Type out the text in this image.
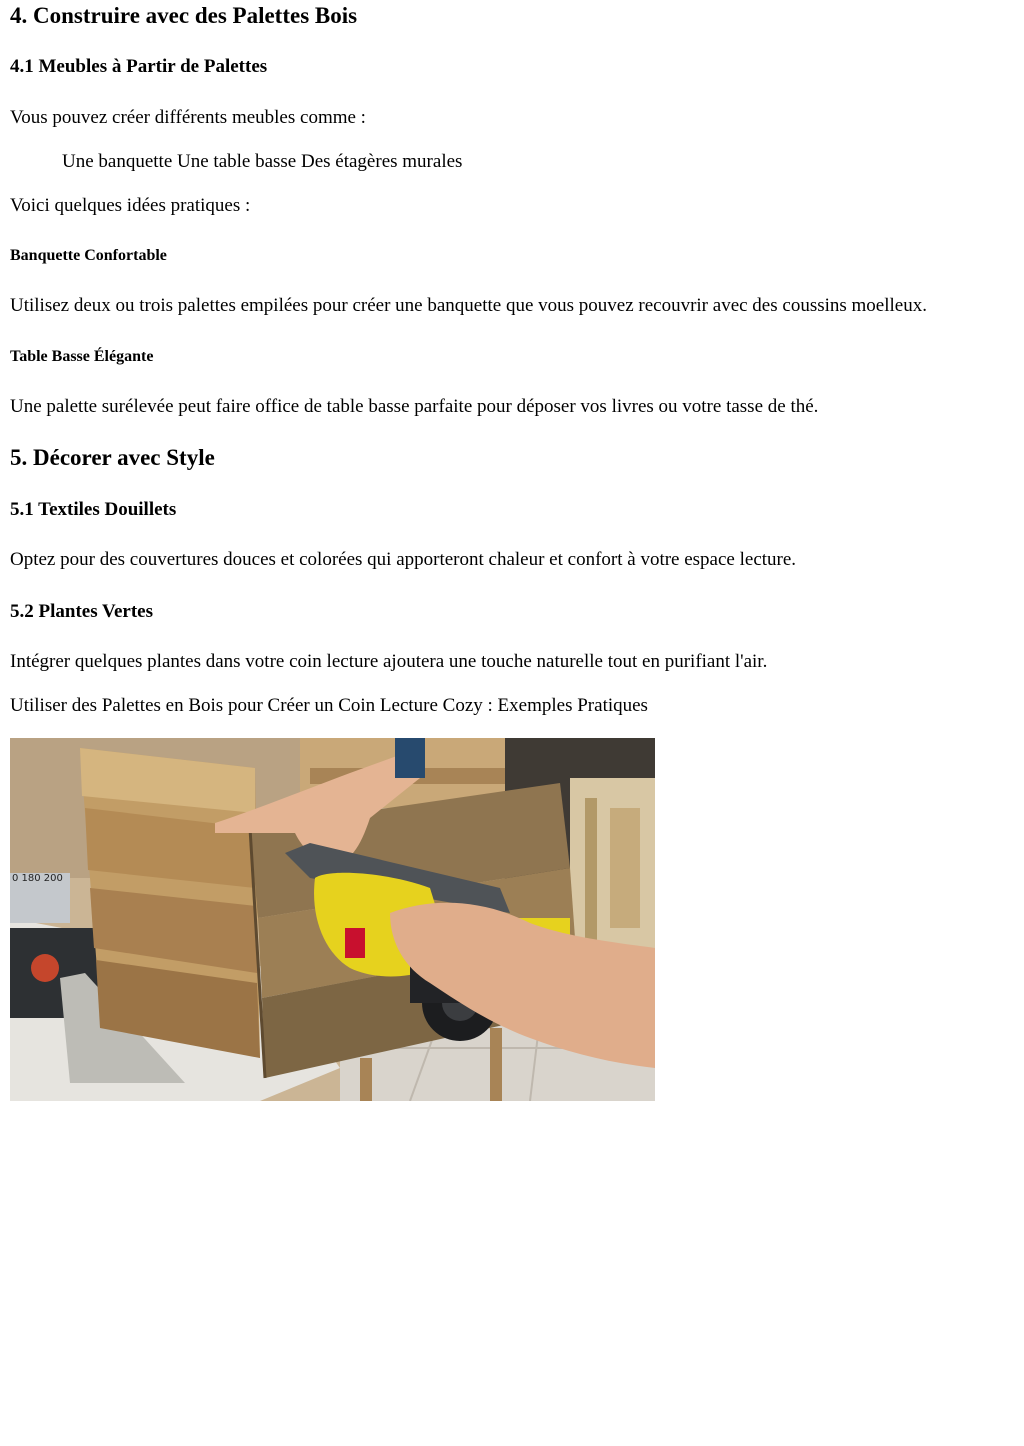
4. Construire avec des Palettes Bois
4.1 Meubles à Partir de Palettes

Vous pouvez créer différents meubles comme :

Une banquette Une table basse Des étagères murales

Voici quelques idées pratiques :

Banquette Confortable

Utilisez deux ou trois palettes empilées pour créer une banquette que vous pouvez recouvrir avec des coussins moelleux.

Table Basse Élégante

Une palette surélevée peut faire office de table basse parfaite pour déposer vos livres ou votre tasse de thé.

5. Décorer avec Style
5.1 Textiles Douillets

Optez pour des couvertures douces et colorées qui apporteront chaleur et confort à votre espace lecture.

5.2 Plantes Vertes

Intégrer quelques plantes dans votre coin lecture ajoutera une touche naturelle tout en purifiant l'air.

Utiliser des Palettes en Bois pour Créer un Coin Lecture Cozy : Exemples Pratiques

0 180 200
